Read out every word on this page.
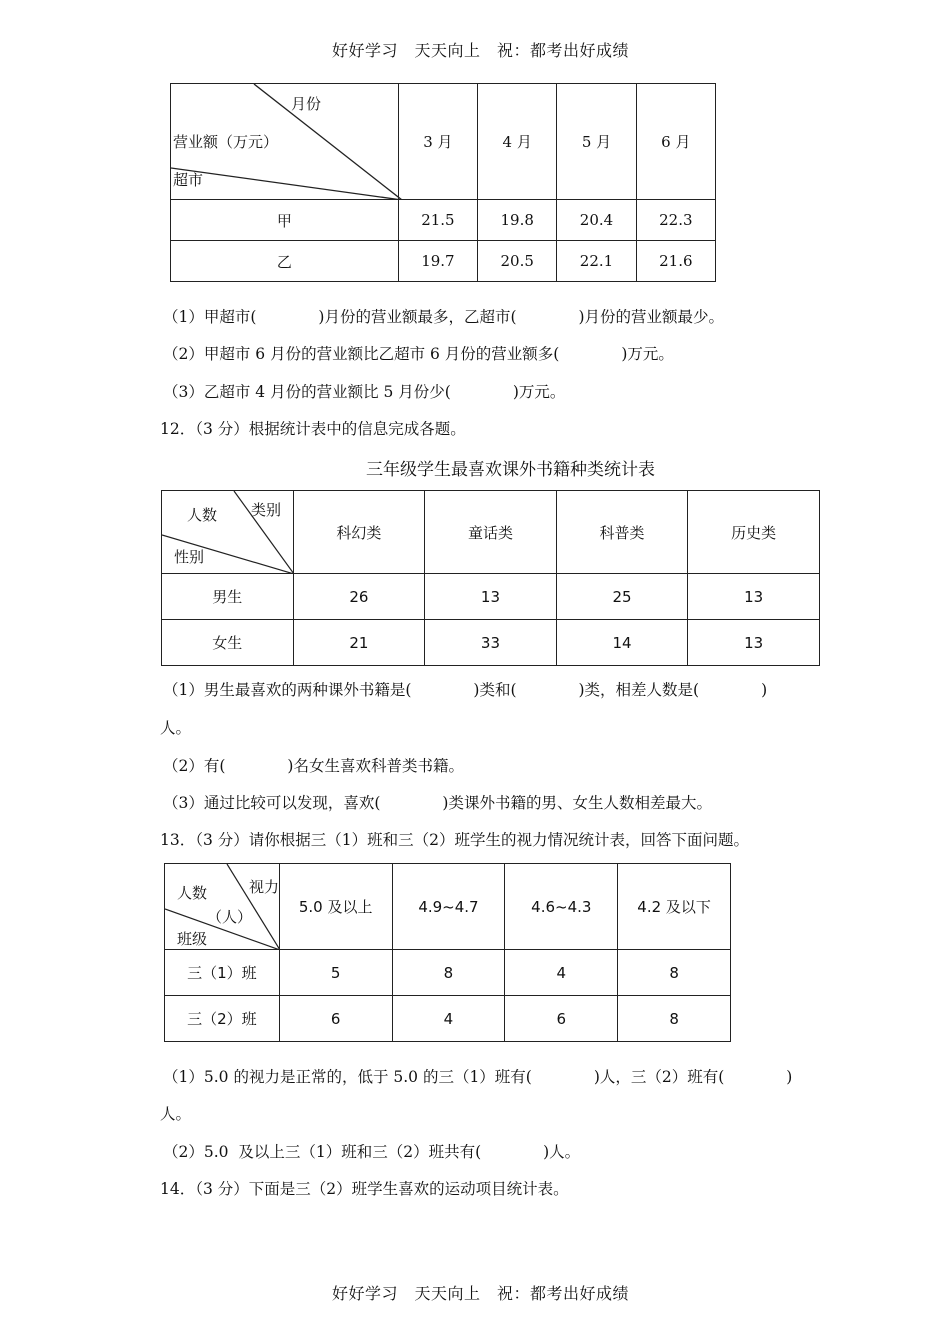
好好学习　天天向上　祝：都考出好成绩
月份
营业额（万元）
超市	3 月	4 月	5 月	6 月
甲	21.5	19.8	20.4	22.3
乙	19.7	20.5	22.1	21.6
（1）甲超市(　　　　)月份的营业额最多，乙超市(　　　　)月份的营业额最少。
（2）甲超市 6 月份的营业额比乙超市 6 月份的营业额多(　　　　)万元。
（3）乙超市 4 月份的营业额比 5 月份少(　　　　)万元。
12．（3 分）根据统计表中的信息完成各题。
三年级学生最喜欢课外书籍种类统计表
类别
人数
性别	科幻类	童话类	科普类	历史类
男生	26	13	25	13
女生	21	33	14	13
（1）男生最喜欢的两种课外书籍是(　　　　)类和(　　　　)类，相差人数是(　　　　)
人。
（2）有(　　　　)名女生喜欢科普类书籍。
（3）通过比较可以发现，喜欢(　　　　)类课外书籍的男、女生人数相差最大。
13．（3 分）请你根据三（1）班和三（2）班学生的视力情况统计表，回答下面问题。
视力
人数
（人）
班级	5.0 及以上	4.9~4.7	4.6~4.3	4.2 及以下
三（1）班	5	8	4	8
三（2）班	6	4	6	8
（1）5.0 的视力是正常的，低于 5.0 的三（1）班有(　　　　)人，三（2）班有(　　　　)
人。
（2）5.0  及以上三（1）班和三（2）班共有(　　　　)人。
14．（3 分）下面是三（2）班学生喜欢的运动项目统计表。
好好学习　天天向上　祝：都考出好成绩
